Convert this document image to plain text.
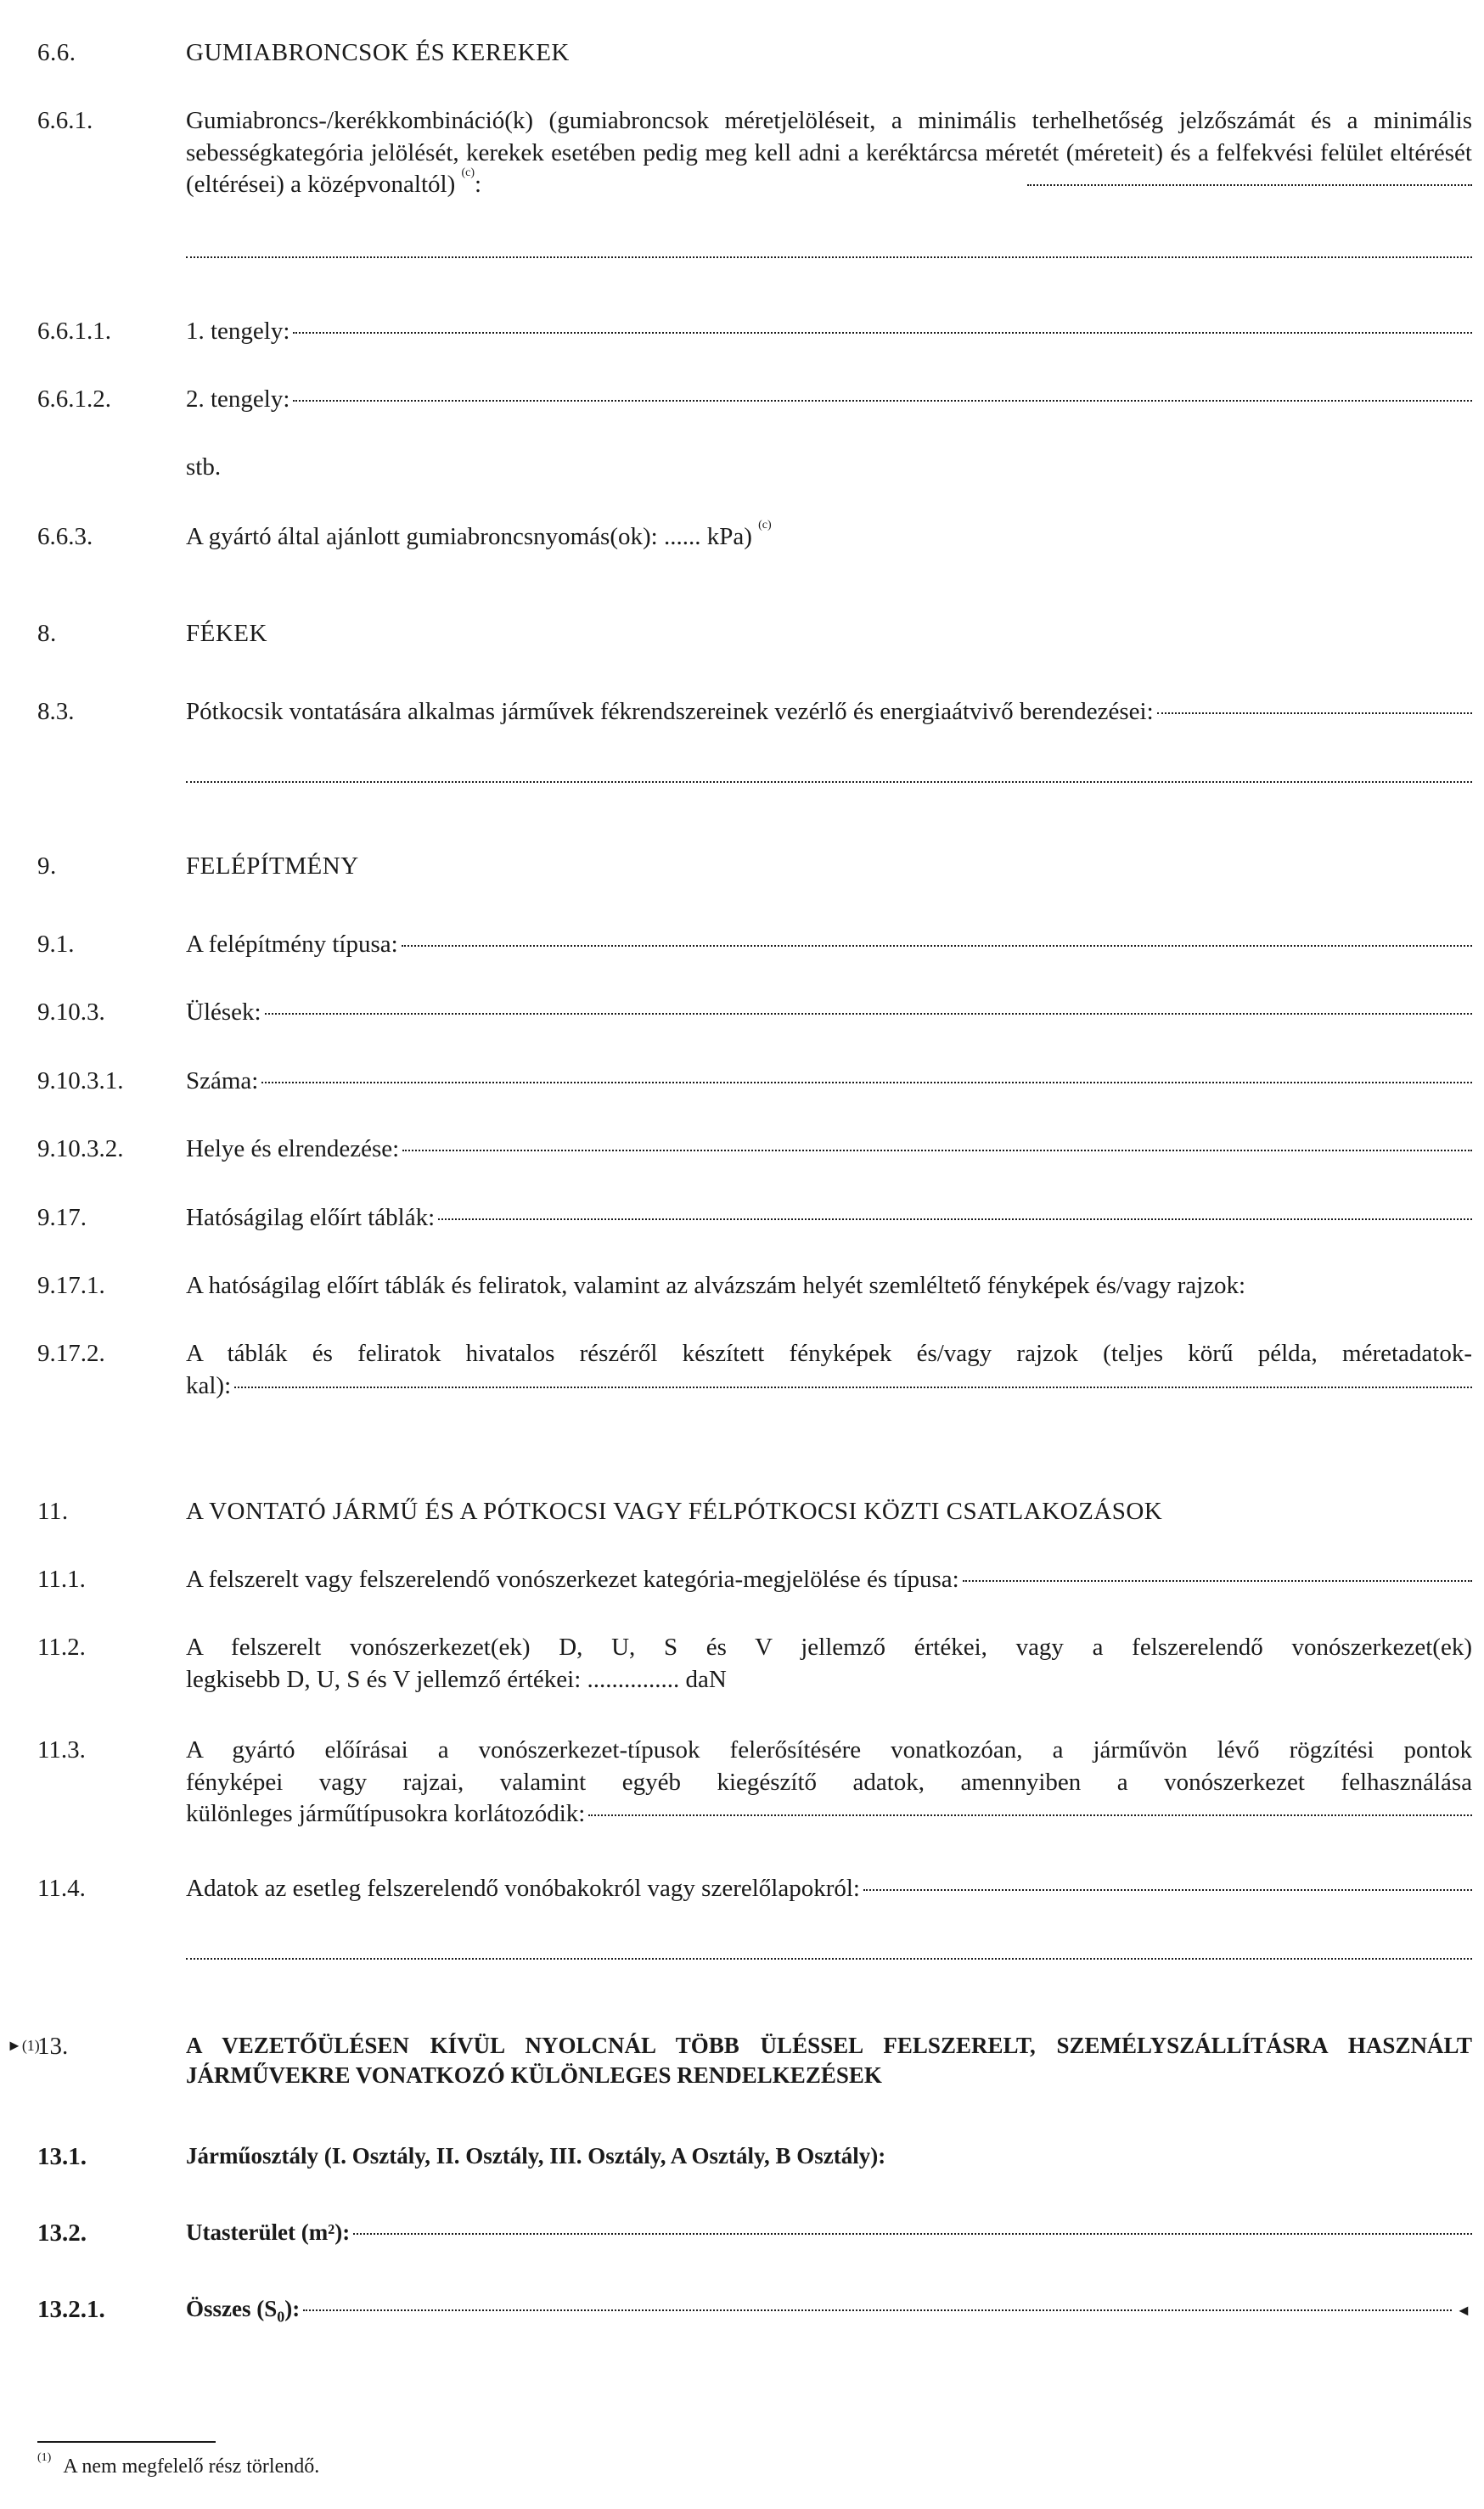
6.6.	GUMIABRONCSOK ÉS KEREKEK
6.6.1.	Gumiabroncs-/kerékkombináció(k) (gumiabroncsok méretjelöléseit, a minimális terhelhetőség jelzőszámát és a minimális sebességkategória jelölését, kerekek esetében pedig meg kell adni a keréktárcsa méretét (méreteit) és a felfekvési felület eltérését (eltérései) a középvonaltól) $^{(c)}$:
6.6.1.1.	1. tengely:
6.6.1.2.	2. tengely:
stb.
6.6.3.	A gyártó által ajánlott gumiabroncsnyomás(ok): ...... kPa) $^{(c)}$
8.	FÉKEK
8.3.	Pótkocsik vontatására alkalmas járművek fékrendszereinek vezérlő és energiaátvivő berendezései:
9.	FELÉPÍTMÉNY
9.1.	A felépítmény típusa:
9.10.3.	Ülések:
9.10.3.1.	Száma:
9.10.3.2.	Helye és elrendezése:
9.17.	Hatóságilag előírt táblák:
9.17.1.	A hatóságilag előírt táblák és feliratok, valamint az alvázszám helyét szemléltető fényképek és/vagy rajzok:
9.17.2.	A táblák és feliratok hivatalos részéről készített fényképek és/vagy rajzok (teljes körű példa, méretadatok-
kal):
11.	A VONTATÓ JÁRMŰ ÉS A PÓTKOCSI VAGY FÉLPÓTKOCSI KÖZTI CSATLAKOZÁSOK
11.1.	A felszerelt vagy felszerelendő vonószerkezet kategória-megjelölése és típusa:
11.2.	A felszerelt vonószerkezet(ek) D, U, S és V jellemző értékei, vagy a felszerelendő vonószerkezet(ek)
legkisebb D, U, S és V jellemző értékei: ............... daN
11.3.	A gyártó előírásai a vonószerkezet-típusok felerősítésére vonatkozóan, a járművön lévő rögzítési pontok
fényképei vagy rajzai, valamint egyéb kiegészítő adatok, amennyiben a vonószerkezet felhasználása
különleges járműtípusokra korlátozódik:
11.4.	Adatok az esetleg felszerelendő vonóbakokról vagy szerelőlapokról:
►(1)
13.	A VEZETŐÜLÉSEN KÍVÜL NYOLCNÁL TÖBB ÜLÉSSEL FELSZERELT, SZEMÉLYSZÁLLÍTÁSRA HASZNÁLT
JÁRMŰVEKRE VONATKOZÓ KÜLÖNLEGES RENDELKEZÉSEK
13.1.	Járműosztály (I. Osztály, II. Osztály, III. Osztály, A Osztály, B Osztály):
13.2.	Utasterület (m²):
13.2.1.	Összes $(S_0)$:	◄
$^{(1)}$ A nem megfelelő rész törlendő.
